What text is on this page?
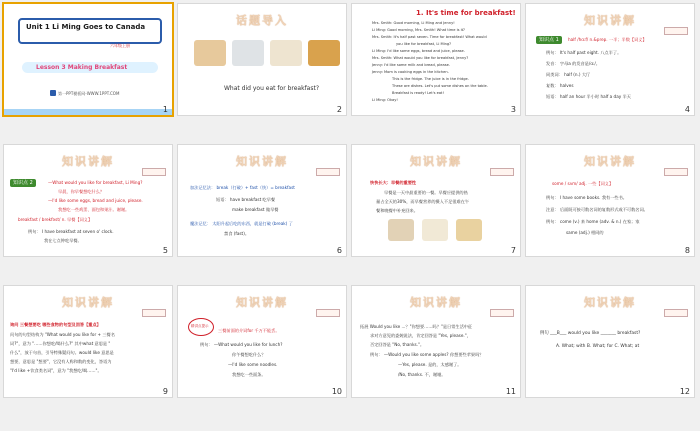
Unit 1 Li Ming Goes to Canada
六年级上册
Lesson 3 Making Breakfast
第一PPT模板网-WWW.1PPT.COM
1
话题导入
What did you eat for breakfast?
2
1. It's time for breakfast!
Mrs. Smith: Good morning, Li Ming and Jenny!
Li Ming: Good morning, Mrs. Smith! What time is it?
Mrs. Smith: It's half past seven. Time for breakfast! What would
you like for breakfast, Li Ming?
Li Ming: I'd like some eggs, bread and juice, please.
Mrs. Smith: What would you like for breakfast, Jenny?
Jenny: I'd like some milk and bread, please.
Jenny: Mom is cooking eggs in the kitchen.
This is the fridge. The juice is in the fridge.
These are dishes. Let's put some dishes on the table.
Breakfast is ready! Let's eat!
Li Ming: Okay!
3
知识讲解
知识点 1	half /hɑːf/ n.&prep. 一半；半数【词义】
例句： It's half past eight. 八点半了。
发音： 字母a 的发音是/ɑː/。
同类词： half (n.) 大厅
复数： halves
短语： half an hour 半小时 half a day 半天
4
知识讲解
知识点 2	—What would you like for breakfast, Li Ming?
早晨，你早餐想吃什么？
—I'd like some eggs, bread and juice, please.
我想吃一些鸡蛋、面包和果汁。谢谢。
breakfast / brekfəst/ n. 早餐【词义】
例句： I have breakfast at seven o' clock.
我在七点钟吃早餐。
5
知识讲解
加法记忆法： break（打破）+ fast（快）= breakfast
短语： have breakfast 吃早餐
make breakfast 做早餐
魔法记忆： 太阳升起后吃的东西，就是打破 (break) 了
禁食 (fast)。
6
知识讲解
快快长大：早餐的重要性
早餐是一天中最重要的一餐。早餐应提供的热
量占全天的30%，而早餐营养的摄入不足很难在午
餐和晚餐中补充回来。
7
知识讲解
some / sʌm/ adj. 一些【词义】
例句： I have some books. 我有一些书。
注意： 后面既可接可数名词的复数形式或不可数名词。
例句： come (v.) 来 home (adv. & n.) 在家；家
same (adj.) 相同的
8
知识讲解
询问 三餐想要吃 哪些食物的句型及回答【重点】
问句的句型结构为 "What would you like for + 三餐名
词?"，意为 "……你想吃/喝什么?" 其中what 意思是 "
什么"，放于句首，引导特殊疑问句。would like 意思是
想要，意思是 "想要"，它没有人称和数的变化，答语为
"I'd like +饮食类名词"，意为 "我想吃/喝……"。
9
知识讲解
精讲点提示
三餐前面的介词for 千万不能丢。
例句： —What would you like for lunch?
你午餐想吃什么？
—I'd like some noodles.
我想吃一些面条。
10
知识讲解
拓展 Would you like ...？"你想要……吗？"是日常生活中征
求对方意见的委婉说法，肯定回答是 "Yes, please."，
否定回答是 "No, thanks."。
例句： —Would you like some apples? 你想要些苹果吗？
—Yes, please. 是的，太感谢了。
/No, thanks. 不，谢谢。
11
知识讲解
例句 ___B___ would you like _______ breakfast?
A. What; with B. What; for C. What; at
12
